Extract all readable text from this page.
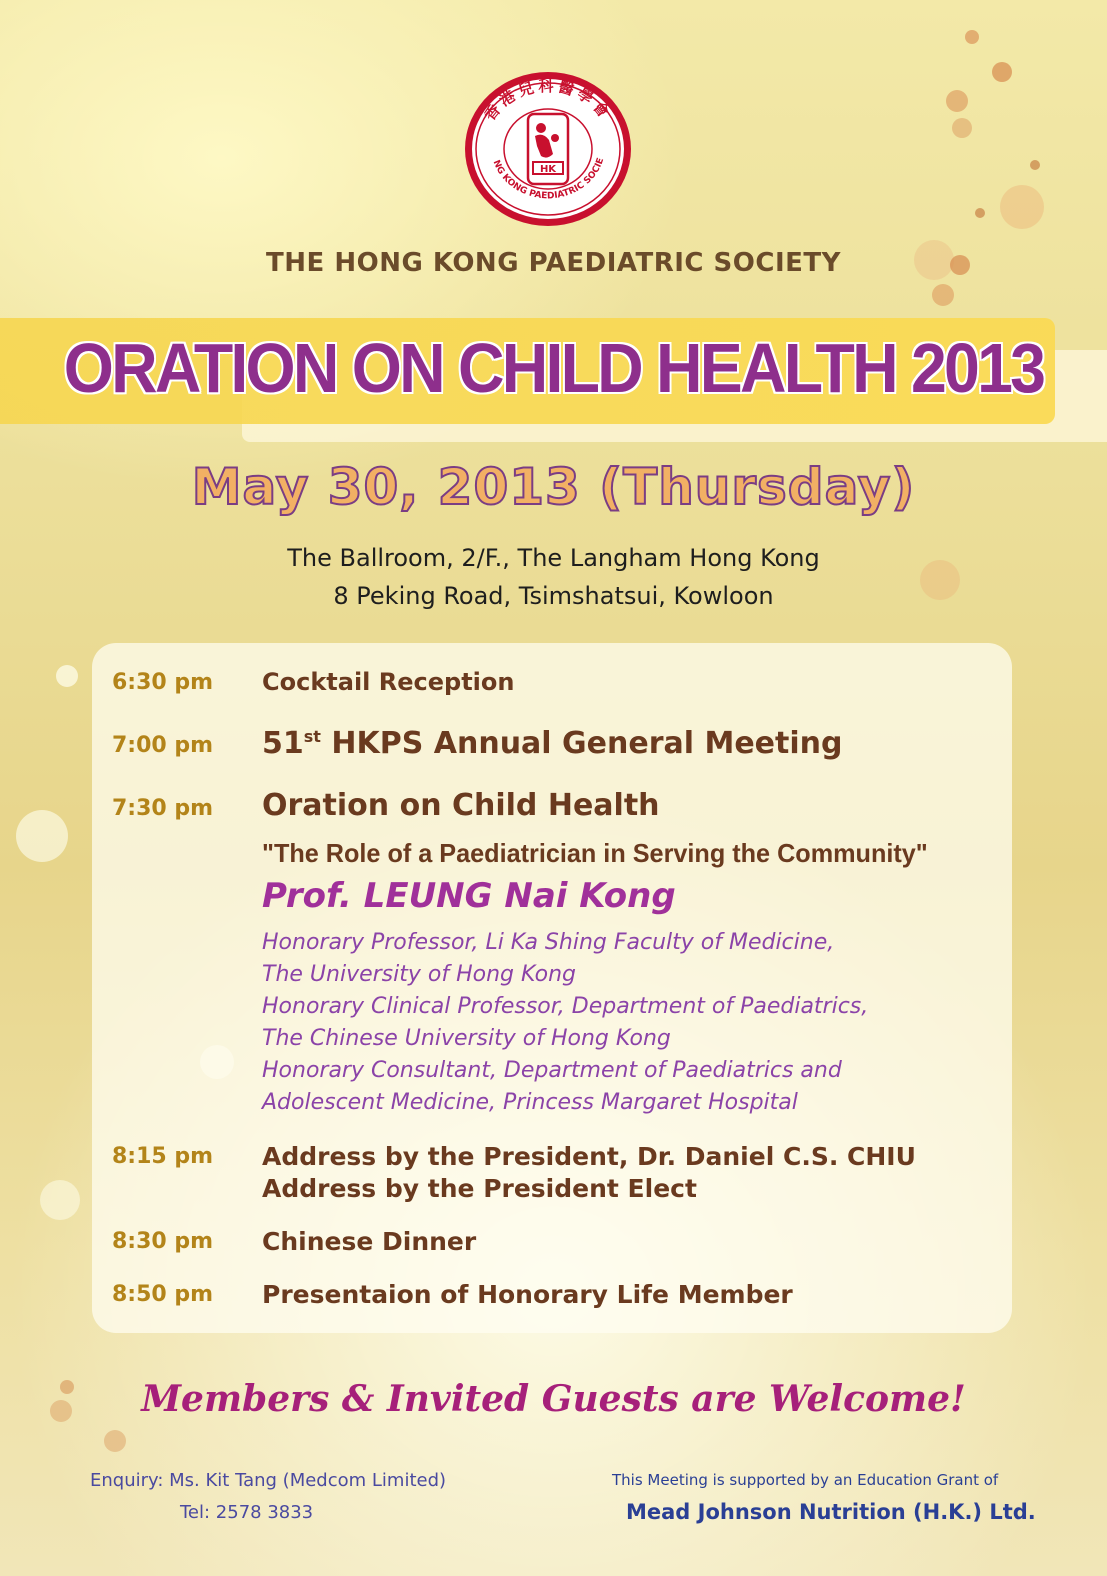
HK
香港兒科醫學會
NG KONG PAEDIATRIC SOCIE
THE HONG KONG PAEDIATRIC SOCIETY
ORATION ON CHILD HEALTH 2013
May 30, 2013 (Thursday)
The Ballroom, 2/F., The Langham Hong Kong
8 Peking Road, Tsimshatsui, Kowloon
6:30 pm Cocktail Reception
7:00 pm 51st HKPS Annual General Meeting
7:30 pm Oration on Child Health
"The Role of a Paediatrician in Serving the Community"
Prof. LEUNG Nai Kong
Honorary Professor, Li Ka Shing Faculty of Medicine,
The University of Hong Kong
Honorary Clinical Professor, Department of Paediatrics,
The Chinese University of Hong Kong
Honorary Consultant, Department of Paediatrics and
Adolescent Medicine, Princess Margaret Hospital
8:15 pm Address by the President, Dr. Daniel C.S. CHIU
Address by the President Elect
8:30 pm Chinese Dinner
8:50 pm Presentaion of Honorary Life Member
Members & Invited Guests are Welcome!
Enquiry: Ms. Kit Tang (Medcom Limited)
Tel: 2578 3833
This Meeting is supported by an Education Grant of
Mead Johnson Nutrition (H.K.) Ltd.
